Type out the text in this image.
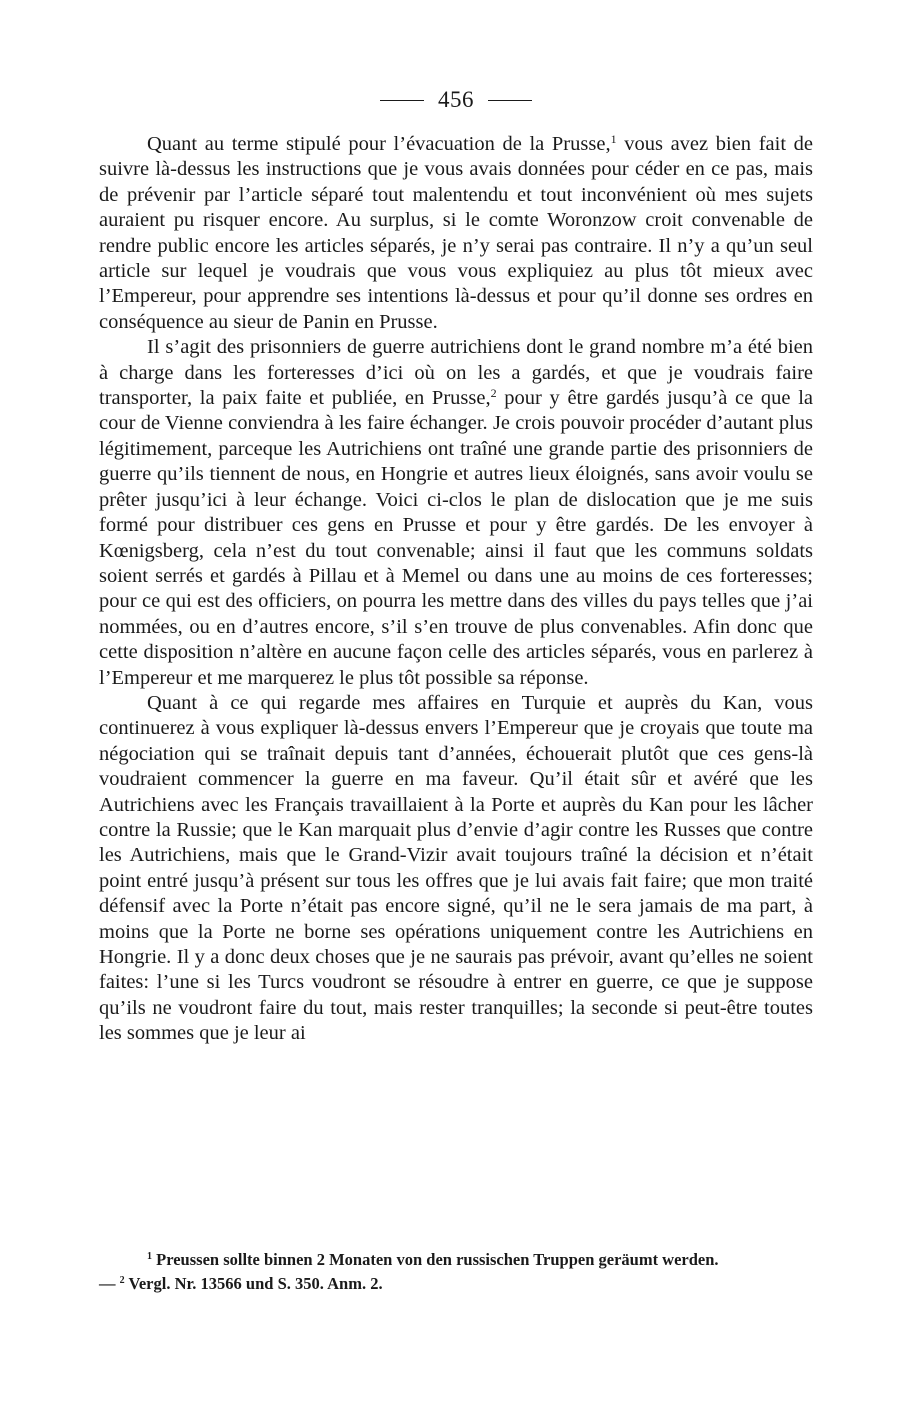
456

Quant au terme stipulé pour l’évacuation de la Prusse,$^1$ vous avez bien fait de suivre là-dessus les instructions que je vous avais données pour céder en ce pas, mais de prévenir par l’article séparé tout malentendu et tout inconvénient où mes sujets auraient pu risquer encore. Au surplus, si le comte Woronzow croit convenable de rendre public encore les articles séparés, je n’y serai pas contraire. Il n’y a qu’un seul article sur lequel je voudrais que vous vous expliquiez au plus tôt mieux avec l’Empereur, pour apprendre ses intentions là-dessus et pour qu’il donne ses ordres en conséquence au sieur de Panin en Prusse.

Il s’agit des prisonniers de guerre autrichiens dont le grand nombre m’a été bien à charge dans les forteresses d’ici où on les a gardés, et que je voudrais faire transporter, la paix faite et publiée, en Prusse,$^2$ pour y être gardés jusqu’à ce que la cour de Vienne conviendra à les faire échanger. Je crois pouvoir procéder d’autant plus légitimement, parceque les Autrichiens ont traîné une grande partie des prisonniers de guerre qu’ils tiennent de nous, en Hongrie et autres lieux éloignés, sans avoir voulu se prêter jusqu’ici à leur échange. Voici ci-clos le plan de dislocation que je me suis formé pour distribuer ces gens en Prusse et pour y être gardés. De les envoyer à Kœnigsberg, cela n’est du tout convenable; ainsi il faut que les communs soldats soient serrés et gardés à Pillau et à Memel ou dans une au moins de ces forteresses; pour ce qui est des officiers, on pourra les mettre dans des villes du pays telles que j’ai nommées, ou en d’autres encore, s’il s’en trouve de plus convenables. Afin donc que cette disposition n’altère en aucune façon celle des articles séparés, vous en parlerez à l’Empereur et me marquerez le plus tôt possible sa réponse.

Quant à ce qui regarde mes affaires en Turquie et auprès du Kan, vous continuerez à vous expliquer là-dessus envers l’Empereur que je croyais que toute ma négociation qui se traînait depuis tant d’années, échouerait plutôt que ces gens-là voudraient commencer la guerre en ma faveur. Qu’il était sûr et avéré que les Autrichiens avec les Français travaillaient à la Porte et auprès du Kan pour les lâcher contre la Russie; que le Kan marquait plus d’envie d’agir contre les Russes que contre les Autrichiens, mais que le Grand-Vizir avait toujours traîné la décision et n’était point entré jusqu’à présent sur tous les offres que je lui avais fait faire; que mon traité défensif avec la Porte n’était pas encore signé, qu’il ne le sera jamais de ma part, à moins que la Porte ne borne ses opérations uniquement contre les Autrichiens en Hongrie. Il y a donc deux choses que je ne saurais pas prévoir, avant qu’elles ne soient faites: l’une si les Turcs voudront se résoudre à entrer en guerre, ce que je suppose qu’ils ne voudront faire du tout, mais rester tranquilles; la seconde si peut-être toutes les sommes que je leur ai

$^1$ Preussen sollte binnen 2 Monaten von den russischen Truppen geräumt werden.

— $^2$ Vergl. Nr. 13566 und S. 350. Anm. 2.
